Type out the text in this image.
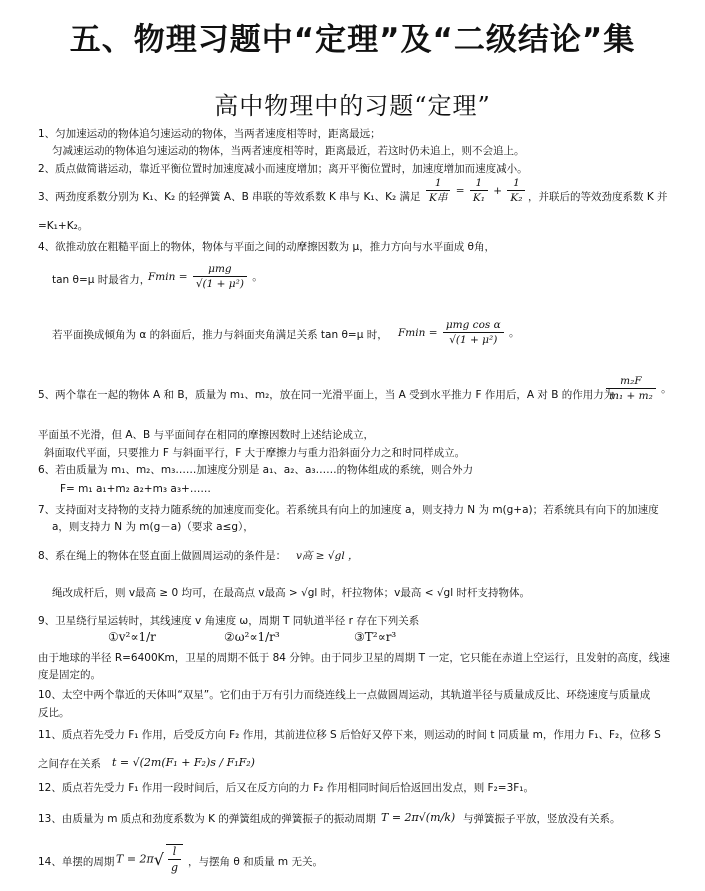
五、物理习题中“定理”及“二级结论”集
高中物理中的习题“定理”
1、匀加速运动的物体追匀速运动的物体，当两者速度相等时，距离最远；
匀减速运动的物体追匀速运动的物体，当两者速度相等时，距离最近，若这时仍未追上，则不会追上。
2、质点做简谐运动，靠近平衡位置时加速度减小而速度增加；离开平衡位置时，加速度增加而速度减小。
3、两劲度系数分别为 K₁、K₂ 的轻弹簧 A、B 串联的等效系数 K 串与 K₁、K₂ 满足 $\frac{1}{\text{K串}} = \frac{1}{\text{K₁}} + \frac{1}{\text{K₂}}$ ，并联后的等效劲度系数 K 并
=K₁+K₂。
4、欲推动放在粗糙平面上的物体，物体与平面之间的动摩擦因数为 μ，推力方向与水平面成 θ角，
tan θ=μ 时最省力，
$Fmin = \frac{\text{μmg}}{\text{√(1 + μ²)}}$ 。
若平面换成倾角为 α 的斜面后，推力与斜面夹角满足关系 tan θ=μ 时， $Fmin = \frac{\text{μmg cos α}}{\text{√(1 + μ²)}}$ 。
5、两个靠在一起的物体 A 和 B，质量为 m₁、m₂，放在同一光滑平面上，当 A 受到水平推力 F 作用后，A 对 B 的作用力为
$\frac{\text{m₂F}}{\text{m₁ + m₂}}$ 。
平面虽不光滑，但 A、B 与平面间存在相同的摩擦因数时上述结论成立，
斜面取代平面，只要推力 F 与斜面平行，F 大于摩擦力与重力沿斜面分力之和时同样成立。
6、若由质量为 m₁、m₂、m₃……加速度分别是 a₁、a₂、a₃……的物体组成的系统，则合外力
F= m₁ a₁+m₂ a₂+m₃ a₃+……
7、支持面对支持物的支持力随系统的加速度而变化。若系统具有向上的加速度 a，则支持力 N 为 m(g+a)；若系统具有向下的加速度
a，则支持力 N 为 m(g－a)（要求 a≤g），
8、系在绳上的物体在竖直面上做圆周运动的条件是： v高 ≥ √gl ，
绳改成杆后，则 v最高 ≥ 0 均可，在最高点 v最高 > √gl 时，杆拉物体；v最高 < √gl 时杆支持物体。
9、卫星绕行星运转时，其线速度 v 角速度 ω，周期 T 同轨道半径 r 存在下列关系
①v²∝1/r	②ω²∝1/r³	③T²∝r³
由于地球的半径 R=6400Km，卫星的周期不低于 84 分钟。由于同步卫星的周期 T 一定，它只能在赤道上空运行，且发射的高度，线速
度是固定的。
10、太空中两个靠近的天体叫“双星”。它们由于万有引力而绕连线上一点做圆周运动，其轨道半径与质量成反比、环绕速度与质量成
反比。
11、质点若先受力 F₁ 作用，后受反方向 F₂ 作用，其前进位移 S 后恰好又停下来，则运动的时间 t 同质量 m，作用力 F₁、F₂，位移 S
之间存在关系 t = √(2m(F₁ + F₂)s / F₁F₂)
12、质点若先受力 F₁ 作用一段时间后，后又在反方向的力 F₂ 作用相同时间后恰返回出发点，则 F₂=3F₁。
13、由质量为 m 质点和劲度系数为 K 的弹簧组成的弹簧振子的振动周期 T = 2π√(m/k) 与弹簧振子平放，竖放没有关系。
14、单摆的周期 $T = 2\pi√ \frac{l}{g}$ ，与摆角 θ 和质量 m 无关。
